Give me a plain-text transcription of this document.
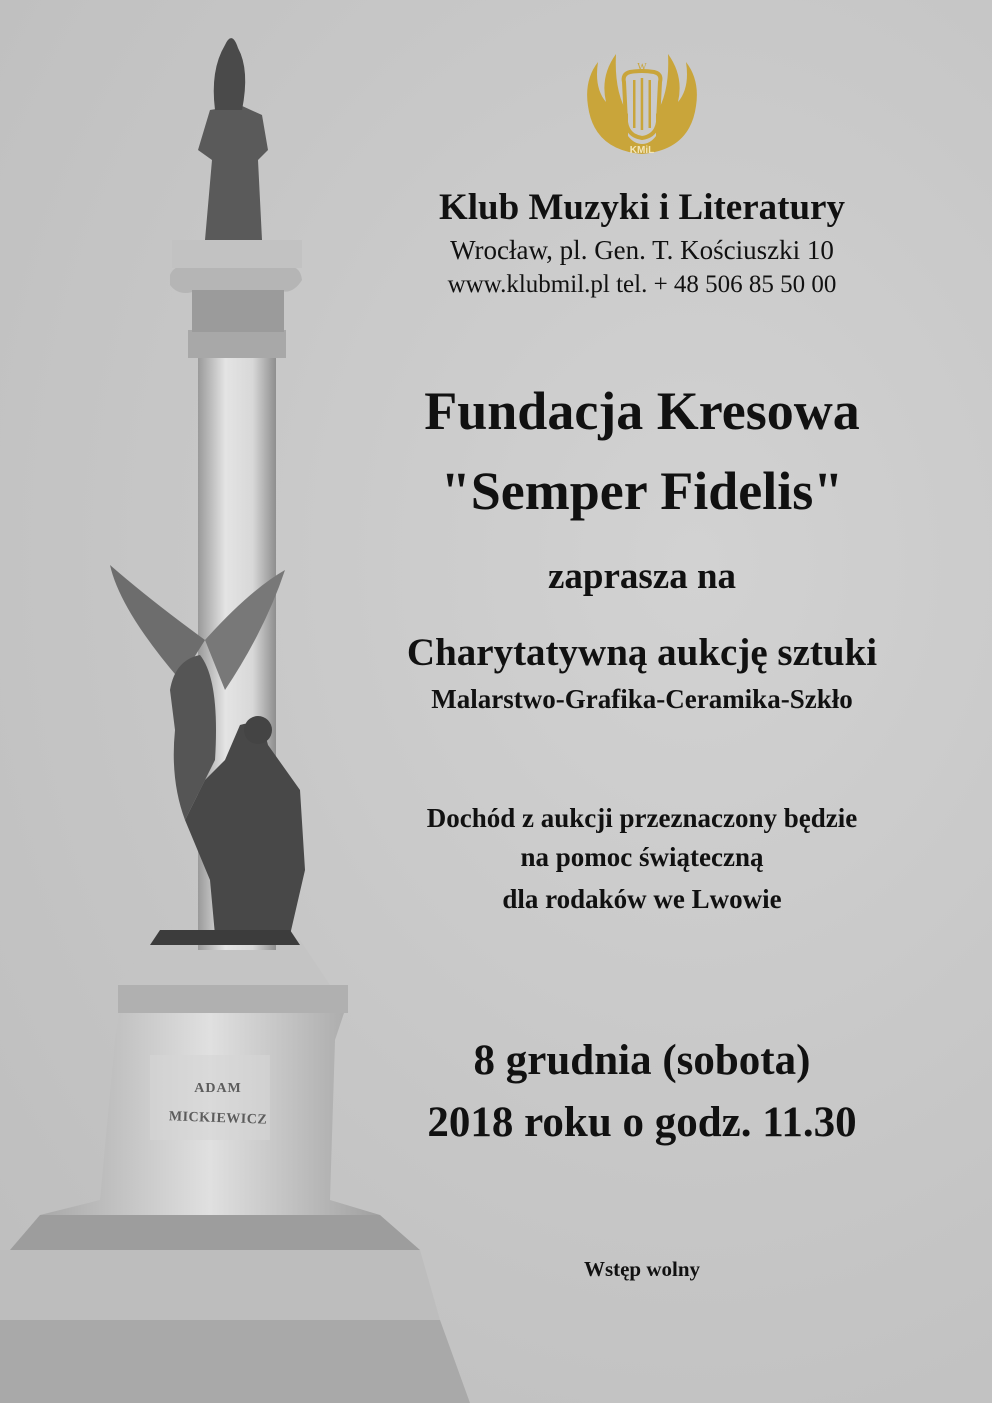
ADAM

MICKIEWICZ
W
KMiL
Klub Muzyki i Literatury
Wrocław, pl. Gen. T. Kościuszki 10
www.klubmil.pl tel. + 48 506 85 50 00
Fundacja Kresowa
"Semper Fidelis"
zaprasza na
Charytatywną aukcję sztuki
Malarstwo-Grafika-Ceramika-Szkło
Dochód z aukcji przeznaczony będzie
na pomoc świąteczną
dla rodaków we Lwowie
8 grudnia (sobota)
2018 roku o godz. 11.30
Wstęp wolny
